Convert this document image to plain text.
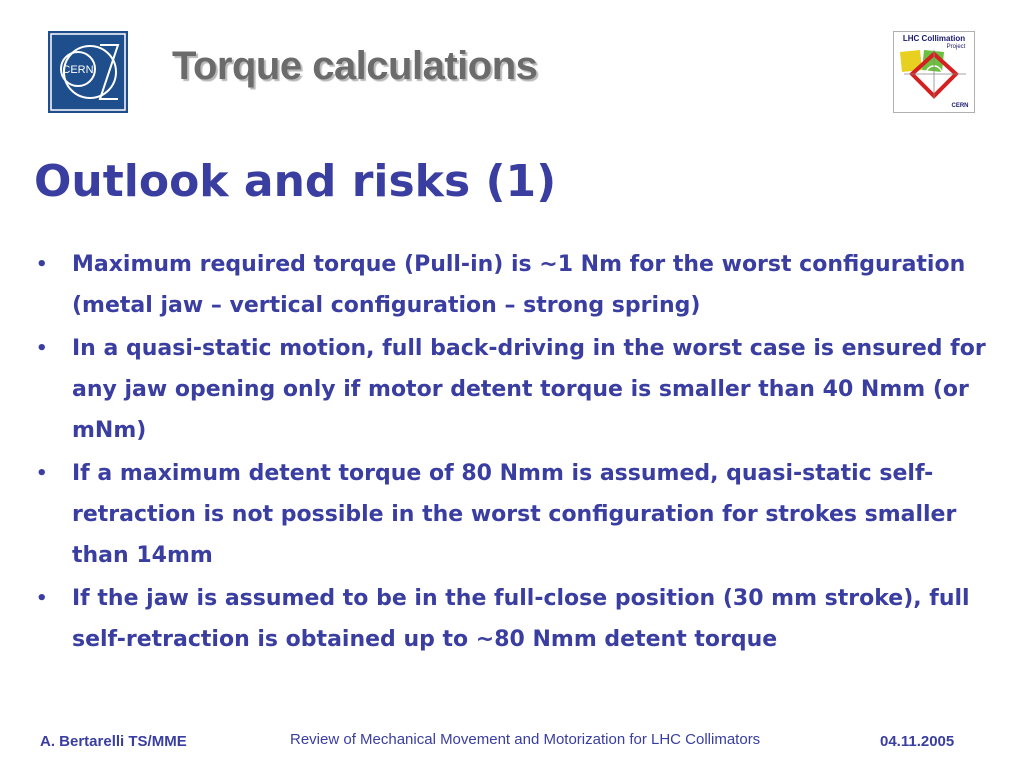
CERN Torque calculations
LHC Collimation
Project
CERN
Outlook and risks (1)
• Maximum required torque (Pull-in) is ~1 Nm for the worst configuration (metal jaw – vertical configuration – strong spring)
• In a quasi-static motion, full back-driving in the worst case is ensured for any jaw opening only if motor detent torque is smaller than 40 Nmm (or mNm)
• If a maximum detent torque of 80 Nmm is assumed, quasi-static self-retraction is not possible in the worst configuration for strokes smaller than 14mm
• If the jaw is assumed to be in the full-close position (30 mm stroke), full self-retraction is obtained up to ~80 Nmm detent torque
A. Bertarelli TS/MME	Review of Mechanical Movement and Motorization for LHC Collimators	04.11.2005
